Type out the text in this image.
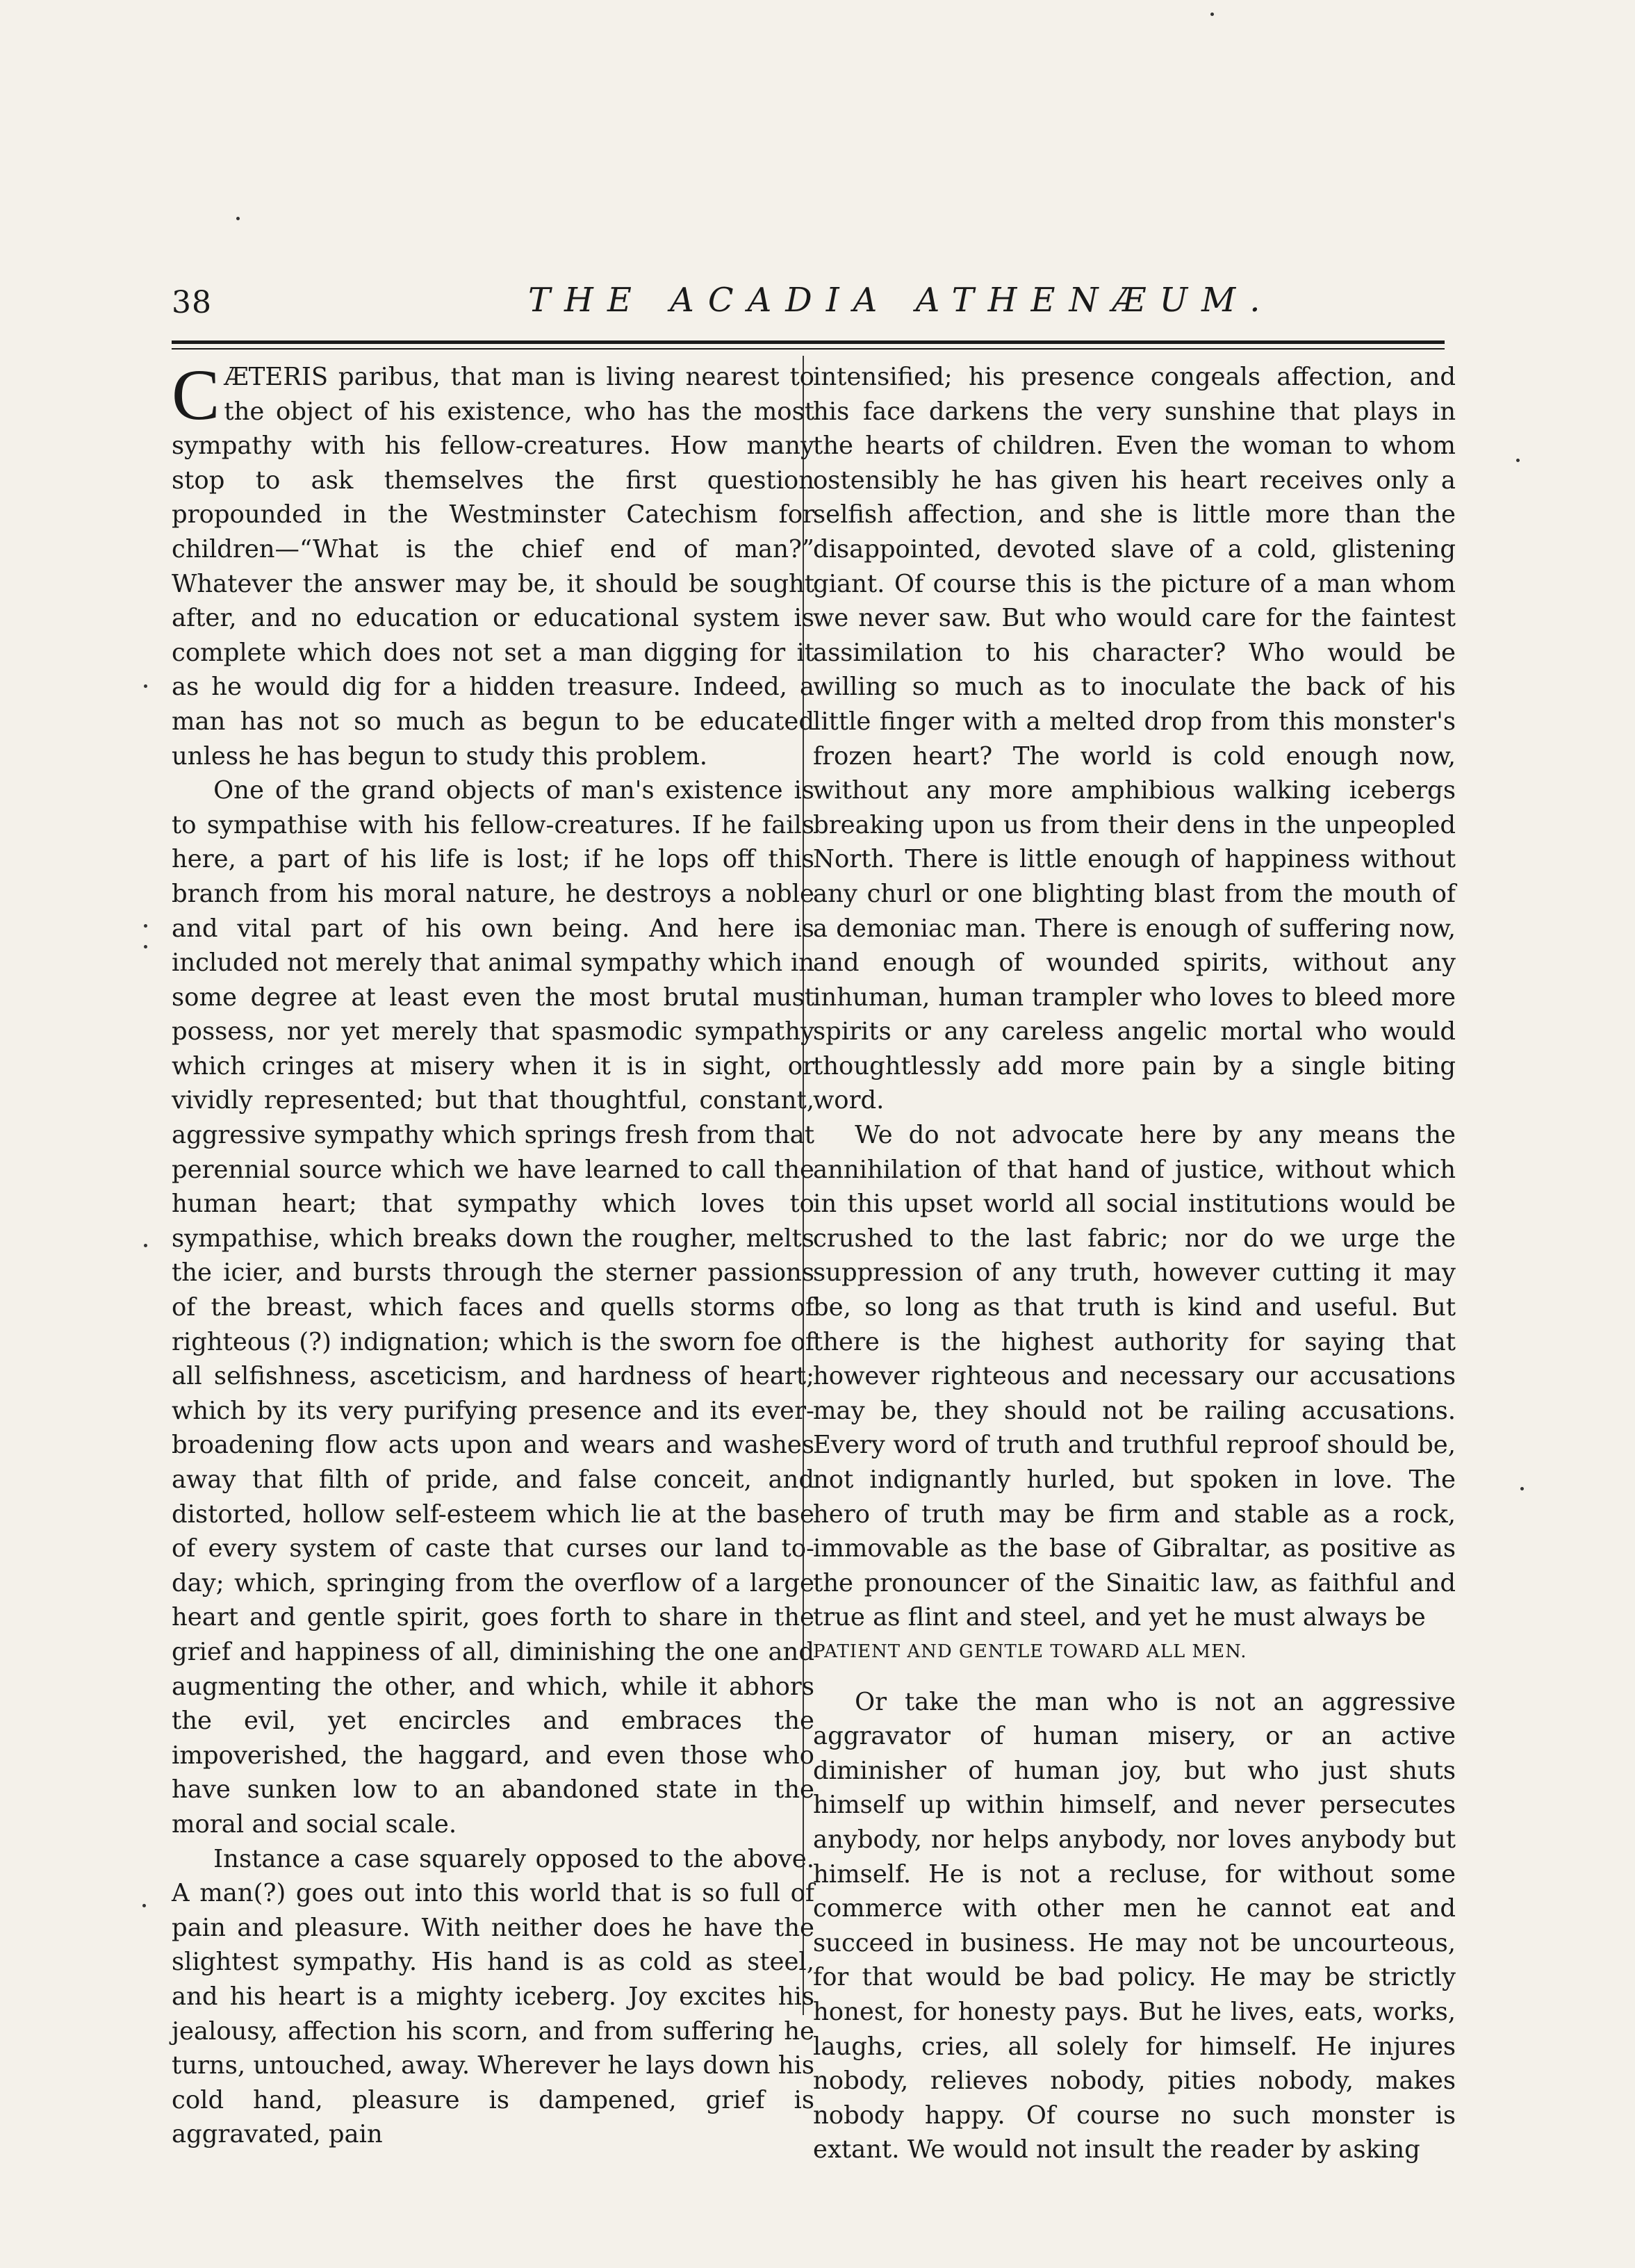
38	THE ACADIA ATHENÆUM.
C ÆTERIS paribus, that man is living nearest to the object of his existence, who has the most sympathy with his fellow-creatures. How many stop to ask themselves the first question propounded in the Westminster Catechism for children—“What is the chief end of man?” Whatever the answer may be, it should be sought after, and no education or educational system is complete which does not set a man digging for it as he would dig for a hidden treasure. Indeed, a man has not so much as begun to be educated unless he has begun to study this problem.

One of the grand objects of man's existence is to sympathise with his fellow-creatures. If he fails here, a part of his life is lost; if he lops off this branch from his moral nature, he destroys a noble and vital part of his own being. And here is included not merely that animal sympathy which in some degree at least even the most brutal must possess, nor yet merely that spasmodic sympathy which cringes at misery when it is in sight, or vividly represented; but that thoughtful, constant, aggressive sympathy which springs fresh from that perennial source which we have learned to call the human heart; that sympathy which loves to sympathise, which breaks down the rougher, melts the icier, and bursts through the sterner passions of the breast, which faces and quells storms of righteous (?) indignation; which is the sworn foe of all selfishness, asceticism, and hardness of heart; which by its very purifying presence and its ever-broadening flow acts upon and wears and washes away that filth of pride, and false conceit, and distorted, hollow self-esteem which lie at the base of every system of caste that curses our land to-day; which, springing from the overflow of a large heart and gentle spirit, goes forth to share in the grief and happiness of all, diminishing the one and augmenting the other, and which, while it abhors the evil, yet encircles and embraces the impoverished, the haggard, and even those who have sunken low to an abandoned state in the moral and social scale.

Instance a case squarely opposed to the above. A man(?) goes out into this world that is so full of pain and pleasure. With neither does he have the slightest sympathy. His hand is as cold as steel, and his heart is a mighty iceberg. Joy excites his jealousy, affection his scorn, and from suffering he turns, untouched, away. Wherever he lays down his cold hand, pleasure is dampened, grief is aggravated, pain

intensified; his presence congeals affection, and his face darkens the very sunshine that plays in the hearts of children. Even the woman to whom ostensibly he has given his heart receives only a selfish affection, and she is little more than the disappointed, devoted slave of a cold, glistening giant. Of course this is the picture of a man whom we never saw. But who would care for the faintest assimilation to his character? Who would be willing so much as to inoculate the back of his little finger with a melted drop from this monster's frozen heart? The world is cold enough now, without any more amphibious walking icebergs breaking upon us from their dens in the unpeopled North. There is little enough of happiness without any churl or one blighting blast from the mouth of a demoniac man. There is enough of suffering now, and enough of wounded spirits, without any inhuman, human trampler who loves to bleed more spirits or any careless angelic mortal who would thoughtlessly add more pain by a single biting word.

We do not advocate here by any means the annihilation of that hand of justice, without which in this upset world all social institutions would be crushed to the last fabric; nor do we urge the suppression of any truth, however cutting it may be, so long as that truth is kind and useful. But there is the highest authority for saying that however righteous and necessary our accusations may be, they should not be railing accusations. Every word of truth and truthful reproof should be, not indignantly hurled, but spoken in love. The hero of truth may be firm and stable as a rock, immovable as the base of Gibraltar, as positive as the pronouncer of the Sinaitic law, as faithful and true as flint and steel, and yet he must always be

PATIENT AND GENTLE TOWARD ALL MEN.

Or take the man who is not an aggressive aggravator of human misery, or an active diminisher of human joy, but who just shuts himself up within himself, and never persecutes anybody, nor helps anybody, nor loves anybody but himself. He is not a recluse, for without some commerce with other men he cannot eat and succeed in business. He may not be uncourteous, for that would be bad policy. He may be strictly honest, for honesty pays. But he lives, eats, works, laughs, cries, all solely for himself. He injures nobody, relieves nobody, pities nobody, makes nobody happy. Of course no such monster is extant. We would not insult the reader by asking
